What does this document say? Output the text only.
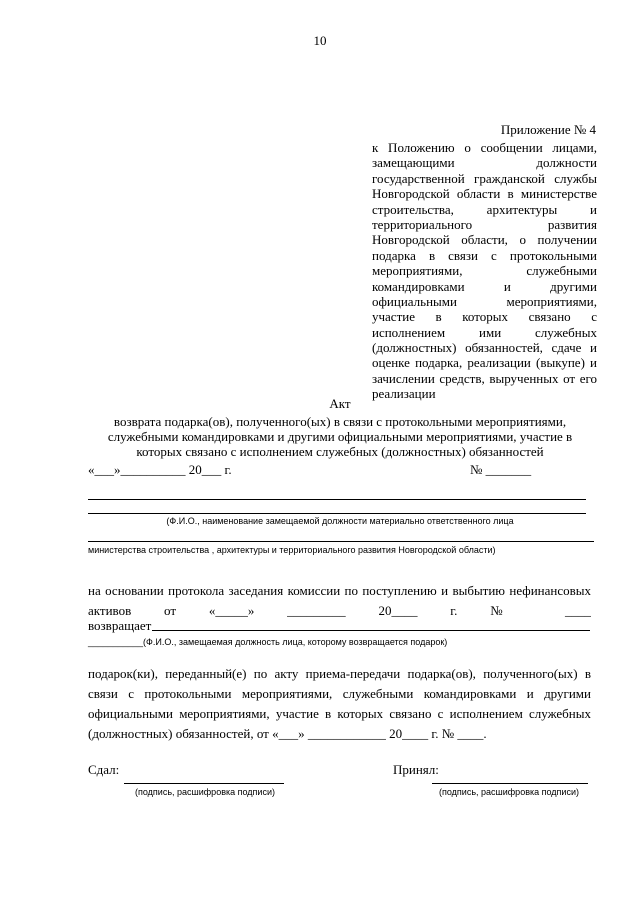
10
Приложение № 4
к Положению о сообщении лицами,
замещающими должности
государственной гражданской службы
Новгородской области в министерстве
строительства, архитектуры и
территориального развития
Новгородской области, о получении
подарка в связи с протокольными
мероприятиями, служебными
командировками и другими
официальными мероприятиями,
участие в которых связано с
исполнением ими служебных
(должностных) обязанностей, сдаче и
оценке подарка, реализации (выкупе) и
зачислении средств, вырученных от его
реализации
Акт
возврата подарка(ов), полученного(ых) в связи с протокольными мероприятиями,
служебными командировками и другими официальными мероприятиями, участие в
которых связано с исполнением служебных (должностных) обязанностей
«___»__________ 20___ г.	№ _______
(Ф.И.О., наименование замещаемой должности материально ответственного лица
министерства строительства , архитектуры и территориального развития Новгородской области)
на основании протокола заседания комиссии по поступлению и выбытию нефинансовых
активов от «_____» _________ 20____ г. № ____
возвращает
___________(Ф.И.О., замещаемая должность лица, которому возвращается подарок)
подарок(ки), переданный(е) по акту приема-передачи подарка(ов), полученного(ых) в
связи с протокольными мероприятиями, служебными командировками и другими
официальными мероприятиями, участие в которых связано с исполнением служебных
(должностных) обязанностей, от «___» ____________ 20____ г. № ____.
Сдал:
(подпись, расшифровка подписи)
Принял:
(подпись, расшифровка подписи)
